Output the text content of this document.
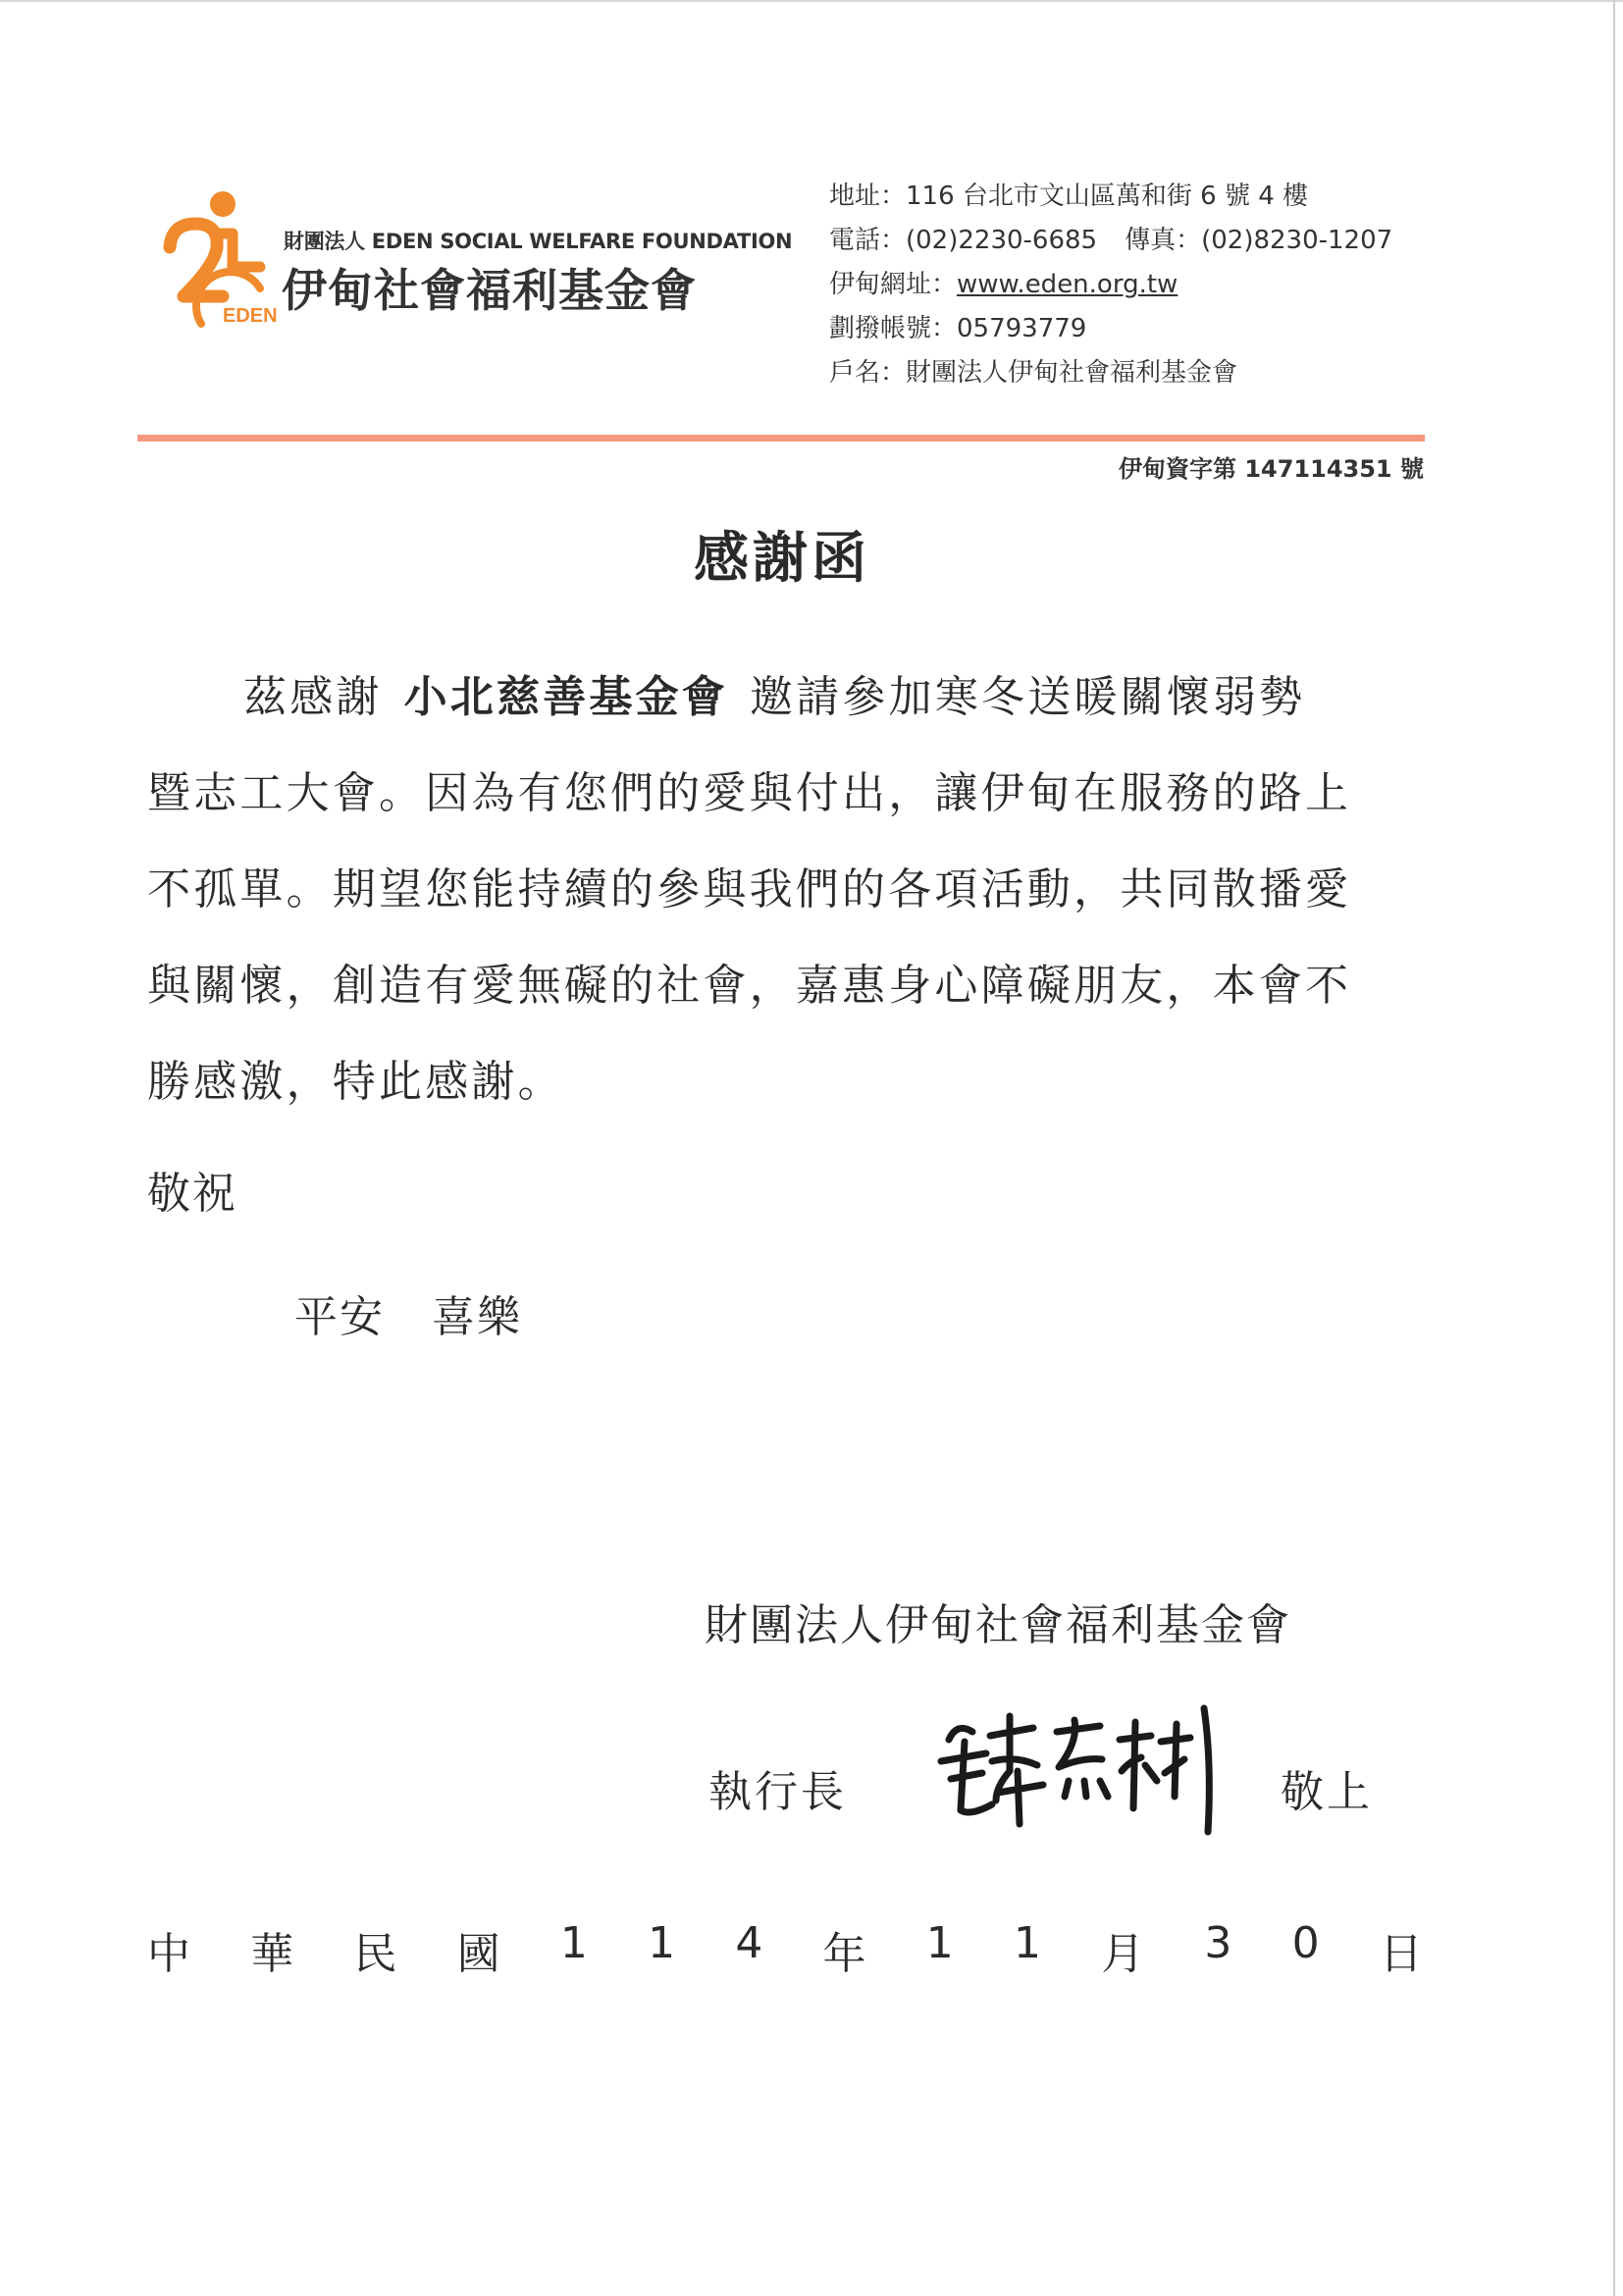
EDEN
財團法人 EDEN SOCIAL WELFARE FOUNDATION
伊甸社會福利基金會
地址：116 台北市文山區萬和街 6 號 4 樓
電話：(02)2230-6685 傳真：(02)8230-1207
伊甸網址：www.eden.org.tw
劃撥帳號：05793779
戶名：財團法人伊甸社會福利基金會
伊甸資字第 147114351 號
感謝函
茲感謝 小北慈善基金會 邀請參加寒冬送暖關懷弱勢
暨志工大會。因為有您們的愛與付出，讓伊甸在服務的路上
不孤單。期望您能持續的參與我們的各項活動，共同散播愛
與關懷，創造有愛無礙的社會，嘉惠身心障礙朋友，本會不
勝感激，特此感謝。
敬祝
平安 喜樂
財團法人伊甸社會福利基金會
執行長	敬上
中 華 民 國 1 1 4 年 1 1 月 3 0 日
